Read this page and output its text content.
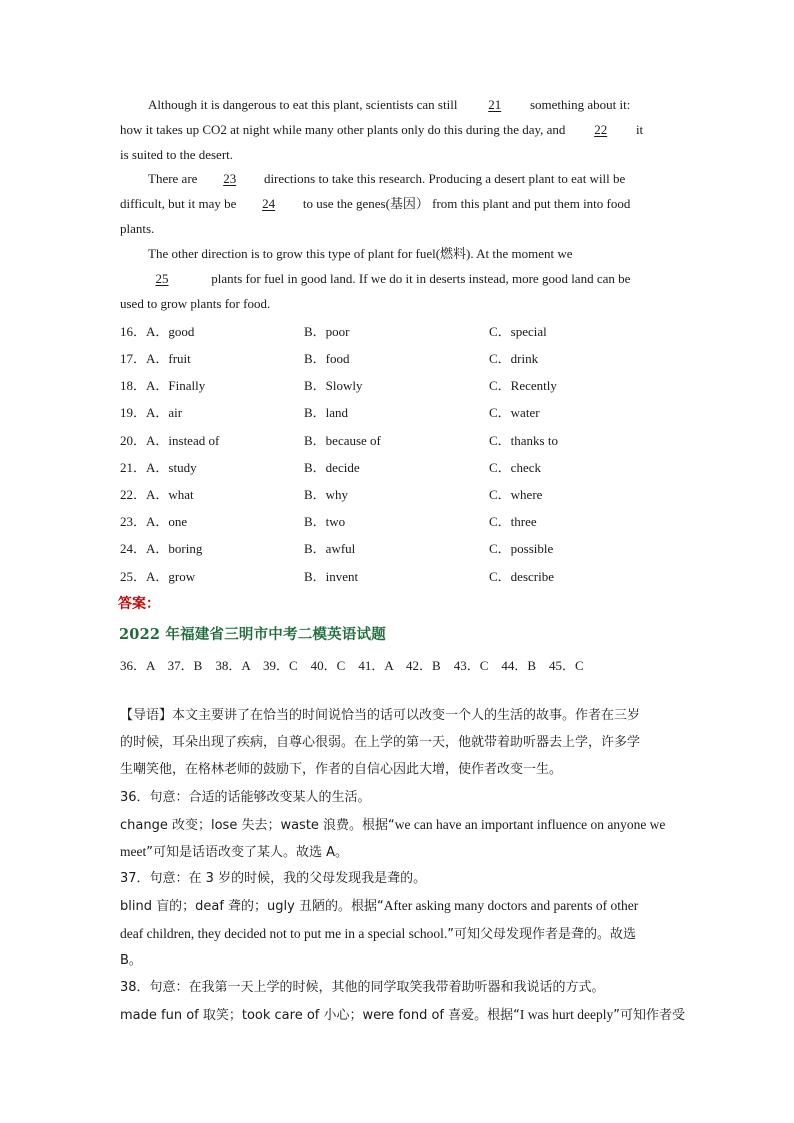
Although it is dangerous to eat this plant, scientists can still 21 something about it:
how it takes up CO2 at night while many other plants only do this during the day, and 22 it
is suited to the desert.
There are 23 directions to take this research. Producing a desert plant to eat will be
difficult, but it may be 24 to use the genes(基因） from this plant and put them into food
plants.
The other direction is to grow this type of plant for fuel(燃料). At the moment we
25	plants for fuel in good land. If we do it in deserts instead, more good land can be
used to grow plants for food.
16．A．good	B．poor	C．special
17．A．fruit	B．food	C．drink
18．A．Finally	B．Slowly	C．Recently
19．A．air	B．land	C．water
20．A．instead of	B．because of	C．thanks to
21．A．study	B．decide	C．check
22．A．what	B．why	C．where
23．A．one	B．two	C．three
24．A．boring	B．awful	C．possible
25．A．grow	B．invent	C．describe
答案：
2022 年福建省三明市中考二模英语试题
36．A　37．B　38．A　39．C　40．C　41．A　42．B　43．C　44．B　45．C
【导语】本文主要讲了在恰当的时间说恰当的话可以改变一个人的生活的故事。作者在三岁
的时候，耳朵出现了疾病，自尊心很弱。在上学的第一天，他就带着助听器去上学，许多学
生嘲笑他，在格林老师的鼓励下，作者的自信心因此大增，使作者改变一生。
36．句意：合适的话能够改变某人的生活。
change 改变；lose 失去；waste 浪费。根据“we can have an important influence on anyone we
meet”可知是话语改变了某人。故选 A。
37．句意：在 3 岁的时候，我的父母发现我是聋的。
blind 盲的；deaf 聋的；ugly 丑陋的。根据“After asking many doctors and parents of other
deaf children, they decided not to put me in a special school.”可知父母发现作者是聋的。故选
B。
38．句意：在我第一天上学的时候，其他的同学取笑我带着助听器和我说话的方式。
made fun of 取笑；took care of 小心；were fond of 喜爱。根据“I was hurt deeply”可知作者受
